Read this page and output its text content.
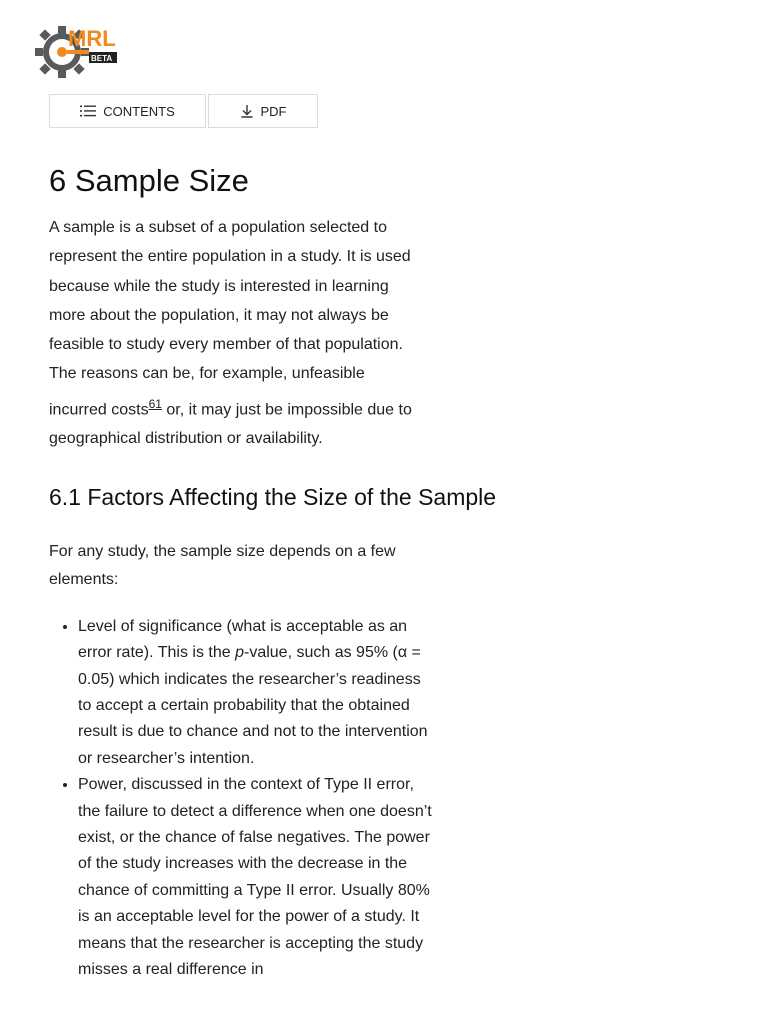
MRL
BETA
CONTENTS	PDF
6 Sample Size

A sample is a subset of a population selected to represent the entire population in a study. It is used because while the study is interested in learning more about the population, it may not always be feasible to study every member of that population. The reasons can be, for example, unfeasible incurred costs$^{61}$ or, it may just be impossible due to geographical distribution or availability.

6.1 Factors Affecting the Size of the Sample

For any study, the sample size depends on a few elements:

• Level of significance (what is acceptable as an error rate). This is the p-value, such as 95% (α = 0.05) which indicates the researcher’s readiness to accept a certain probability that the obtained result is due to chance and not to the intervention or researcher’s intention.
• Power, discussed in the context of Type II error, the failure to detect a difference when one doesn’t exist, or the chance of false negatives. The power of the study increases with the decrease in the chance of committing a Type II error. Usually 80% is an acceptable level for the power of a study. It means that the researcher is accepting the study misses a real difference in
